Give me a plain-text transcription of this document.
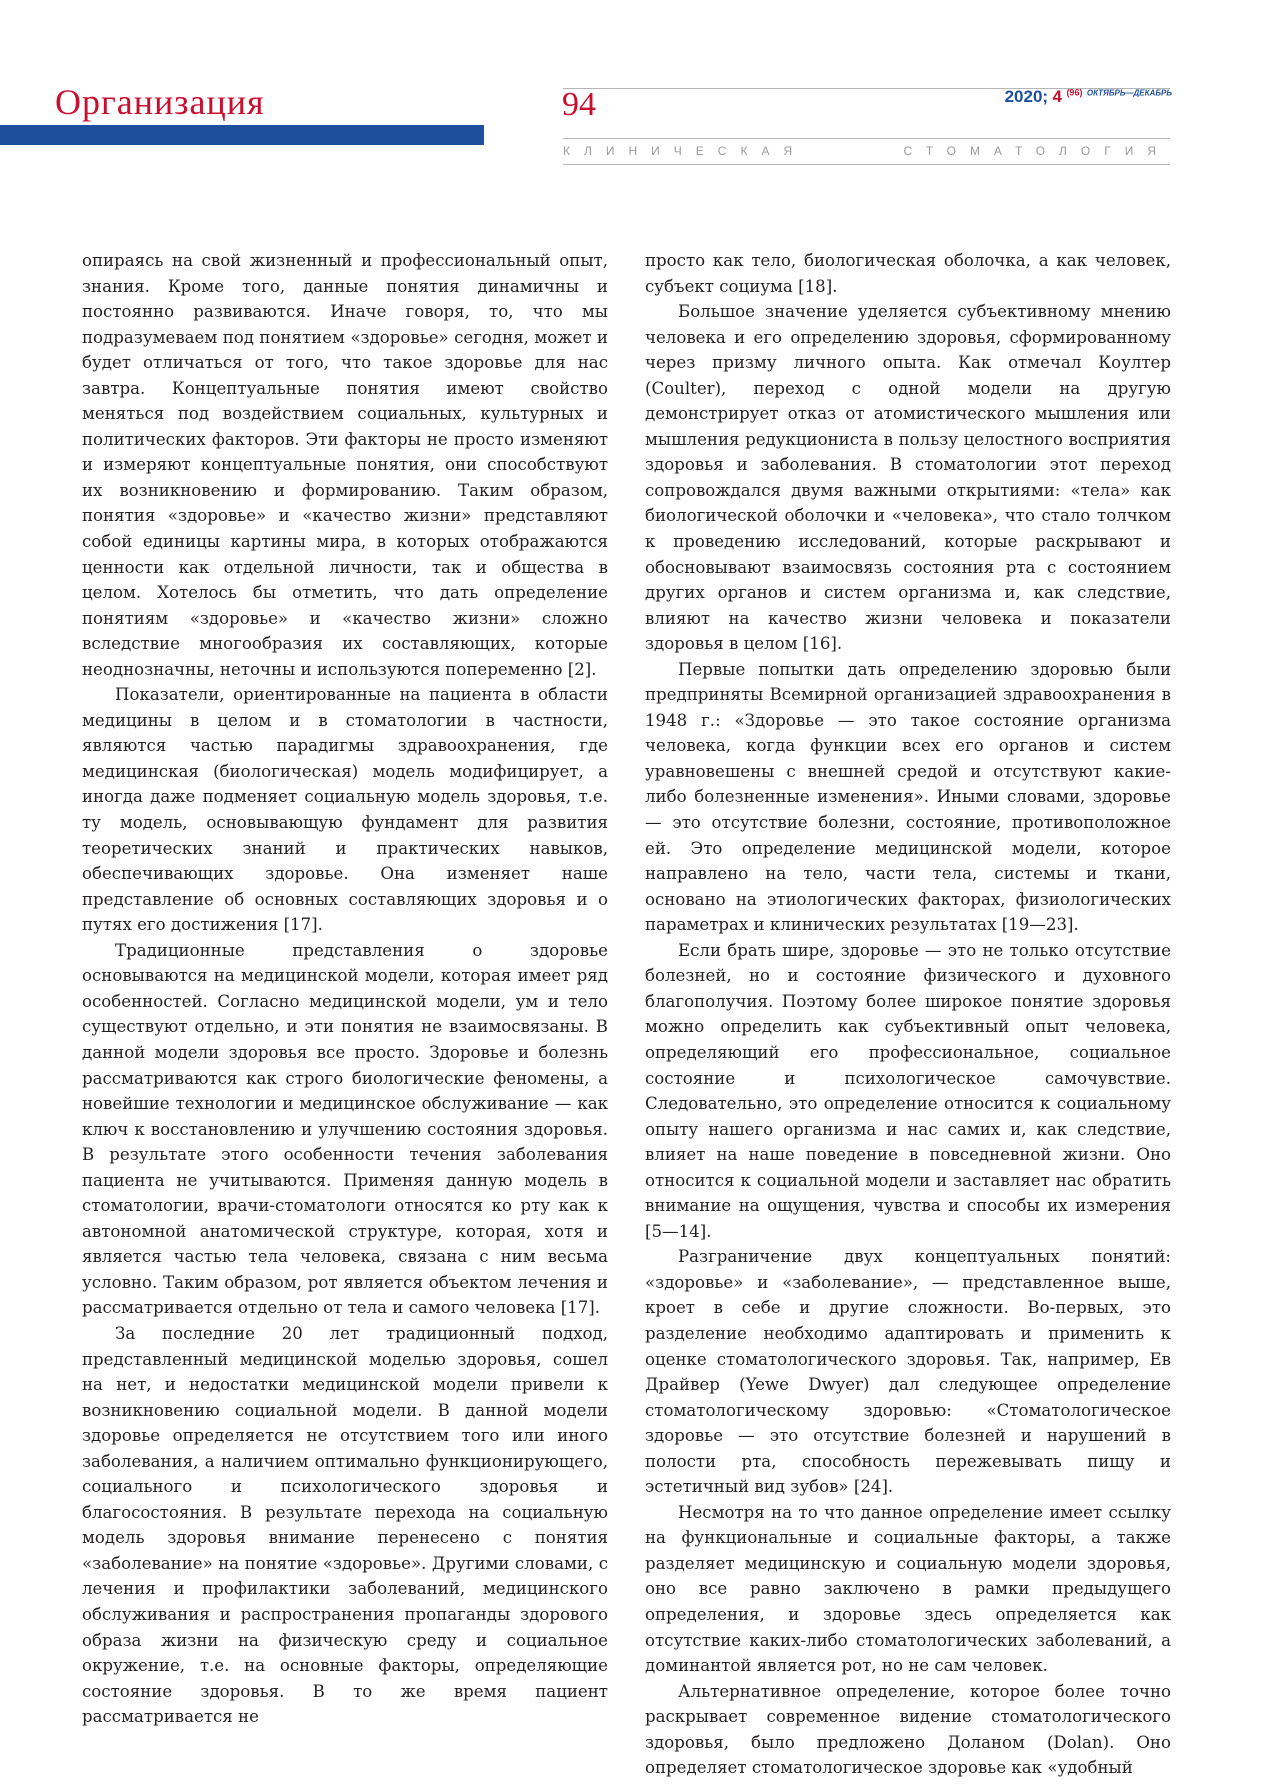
Организация	94	2020; 4 $^{(96)}$ $^{ОКТЯБРЬ—ДЕКАБРЬ}$
КЛИНИЧЕСКАЯ	СТОМАТОЛОГИЯ

опираясь на свой жизненный и профессиональный опыт, знания. Кроме того, данные понятия динамичны и постоянно развиваются. Иначе говоря, то, что мы подразумеваем под понятием «здоровье» сегодня, может и будет отличаться от того, что такое здоровье для нас завтра. Концептуальные понятия имеют свойство меняться под воздействием социальных, культурных и политических факторов. Эти факторы не просто изменяют и измеряют концептуальные понятия, они способствуют их возникновению и формированию. Таким образом, понятия «здоровье» и «качество жизни» представляют собой единицы картины мира, в которых отображаются ценности как отдельной личности, так и общества в целом. Хотелось бы отметить, что дать определение понятиям «здоровье» и «качество жизни» сложно вследствие многообразия их составляющих, которые неоднозначны, неточны и используются попеременно [2].

Показатели, ориентированные на пациента в области медицины в целом и в стоматологии в частности, являются частью парадигмы здравоохранения, где медицинская (биологическая) модель модифицирует, а иногда даже подменяет социальную модель здоровья, т.е. ту модель, основывающую фундамент для развития теоретических знаний и практических навыков, обеспечивающих здоровье. Она изменяет наше представление об основных составляющих здоровья и о путях его достижения [17].

Традиционные представления о здоровье основываются на медицинской модели, которая имеет ряд особенностей. Согласно медицинской модели, ум и тело существуют отдельно, и эти понятия не взаимосвязаны. В данной модели здоровья все просто. Здоровье и болезнь рассматриваются как строго биологические феномены, а новейшие технологии и медицинское обслуживание — как ключ к восстановлению и улучшению состояния здоровья. В результате этого особенности течения заболевания пациента не учитываются. Применяя данную модель в стоматологии, врачи-стоматологи относятся ко рту как к автономной анатомической структуре, которая, хотя и является частью тела человека, связана с ним весьма условно. Таким образом, рот является объектом лечения и рассматривается отдельно от тела и самого человека [17].

За последние 20 лет традиционный подход, представленный медицинской моделью здоровья, сошел на нет, и недостатки медицинской модели привели к возникновению социальной модели. В данной модели здоровье определяется не отсутствием того или иного заболевания, а наличием оптимально функционирующего, социального и психологического здоровья и благосостояния. В результате перехода на социальную модель здоровья внимание перенесено с понятия «заболевание» на понятие «здоровье». Другими словами, с лечения и профилактики заболеваний, медицинского обслуживания и распространения пропаганды здорового образа жизни на физическую среду и социальное окружение, т.е. на основные факторы, определяющие состояние здоровья. В то же время пациент рассматривается не

просто как тело, биологическая оболочка, а как человек, субъект социума [18].

Большое значение уделяется субъективному мнению человека и его определению здоровья, сформированному через призму личного опыта. Как отмечал Коултер (Coulter), переход с одной модели на другую демонстрирует отказ от атомистического мышления или мышления редукциониста в пользу целостного восприятия здоровья и заболевания. В стоматологии этот переход сопровождался двумя важными открытиями: «тела» как биологической оболочки и «человека», что стало толчком к проведению исследований, которые раскрывают и обосновывают взаимосвязь состояния рта с состоянием других органов и систем организма и, как следствие, влияют на качество жизни человека и показатели здоровья в целом [16].

Первые попытки дать определению здоровью были предприняты Всемирной организацией здравоохранения в 1948 г.: «Здоровье — это такое состояние организма человека, когда функции всех его органов и систем уравновешены с внешней средой и отсутствуют какие-либо болезненные изменения». Иными словами, здоровье — это отсутствие болезни, состояние, противоположное ей. Это определение медицинской модели, которое направлено на тело, части тела, системы и ткани, основано на этиологических факторах, физиологических параметрах и клинических результатах [19—23].

Если брать шире, здоровье — это не только отсутствие болезней, но и состояние физического и духовного благополучия. Поэтому более широкое понятие здоровья можно определить как субъективный опыт человека, определяющий его профессиональное, социальное состояние и психологическое самочувствие. Следовательно, это определение относится к социальному опыту нашего организма и нас самих и, как следствие, влияет на наше поведение в повседневной жизни. Оно относится к социальной модели и заставляет нас обратить внимание на ощущения, чувства и способы их измерения [5—14].

Разграничение двух концептуальных понятий: «здоровье» и «заболевание», — представленное выше, кроет в себе и другие сложности. Во-первых, это разделение необходимо адаптировать и применить к оценке стоматологического здоровья. Так, например, Ев Драйвер (Yewe Dwyer) дал следующее определение стоматологическому здоровью: «Стоматологическое здоровье — это отсутствие болезней и нарушений в полости рта, способность пережевывать пищу и эстетичный вид зубов» [24].

Несмотря на то что данное определение имеет ссылку на функциональные и социальные факторы, а также разделяет медицинскую и социальную модели здоровья, оно все равно заключено в рамки предыдущего определения, и здоровье здесь определяется как отсутствие каких-либо стоматологических заболеваний, а доминантой является рот, но не сам человек.

Альтернативное определение, которое более точно раскрывает современное видение стоматологического здоровья, было предложено Доланом (Dolan). Оно определяет стоматологическое здоровье как «удобный
